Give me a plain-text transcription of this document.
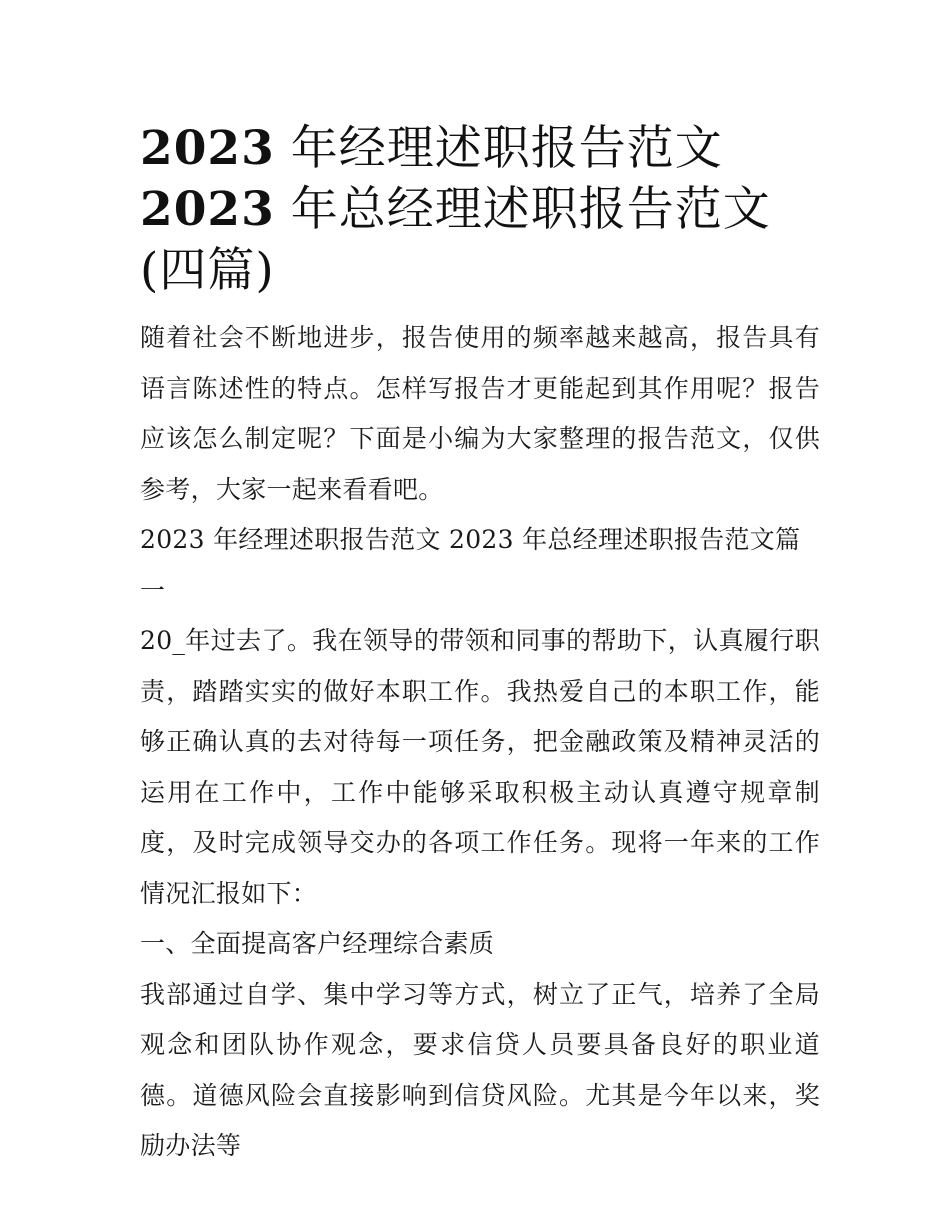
2023 年经理述职报告范文
2023 年总经理述职报告范文
(四篇)

随着社会不断地进步，报告使用的频率越来越高，报告具有语言陈述性的特点。怎样写报告才更能起到其作用呢？报告应该怎么制定呢？下面是小编为大家整理的报告范文，仅供参考，大家一起来看看吧。

2023 年经理述职报告范文 2023 年总经理述职报告范文篇一

20_年过去了。我在领导的带领和同事的帮助下，认真履行职责，踏踏实实的做好本职工作。我热爱自己的本职工作，能够正确认真的去对待每一项任务，把金融政策及精神灵活的运用在工作中，工作中能够采取积极主动认真遵守规章制度，及时完成领导交办的各项工作任务。现将一年来的工作情况汇报如下：

一、全面提高客户经理综合素质

我部通过自学、集中学习等方式，树立了正气，培养了全局观念和团队协作观念，要求信贷人员要具备良好的职业道德。道德风险会直接影响到信贷风险。尤其是今年以来，奖励办法等
